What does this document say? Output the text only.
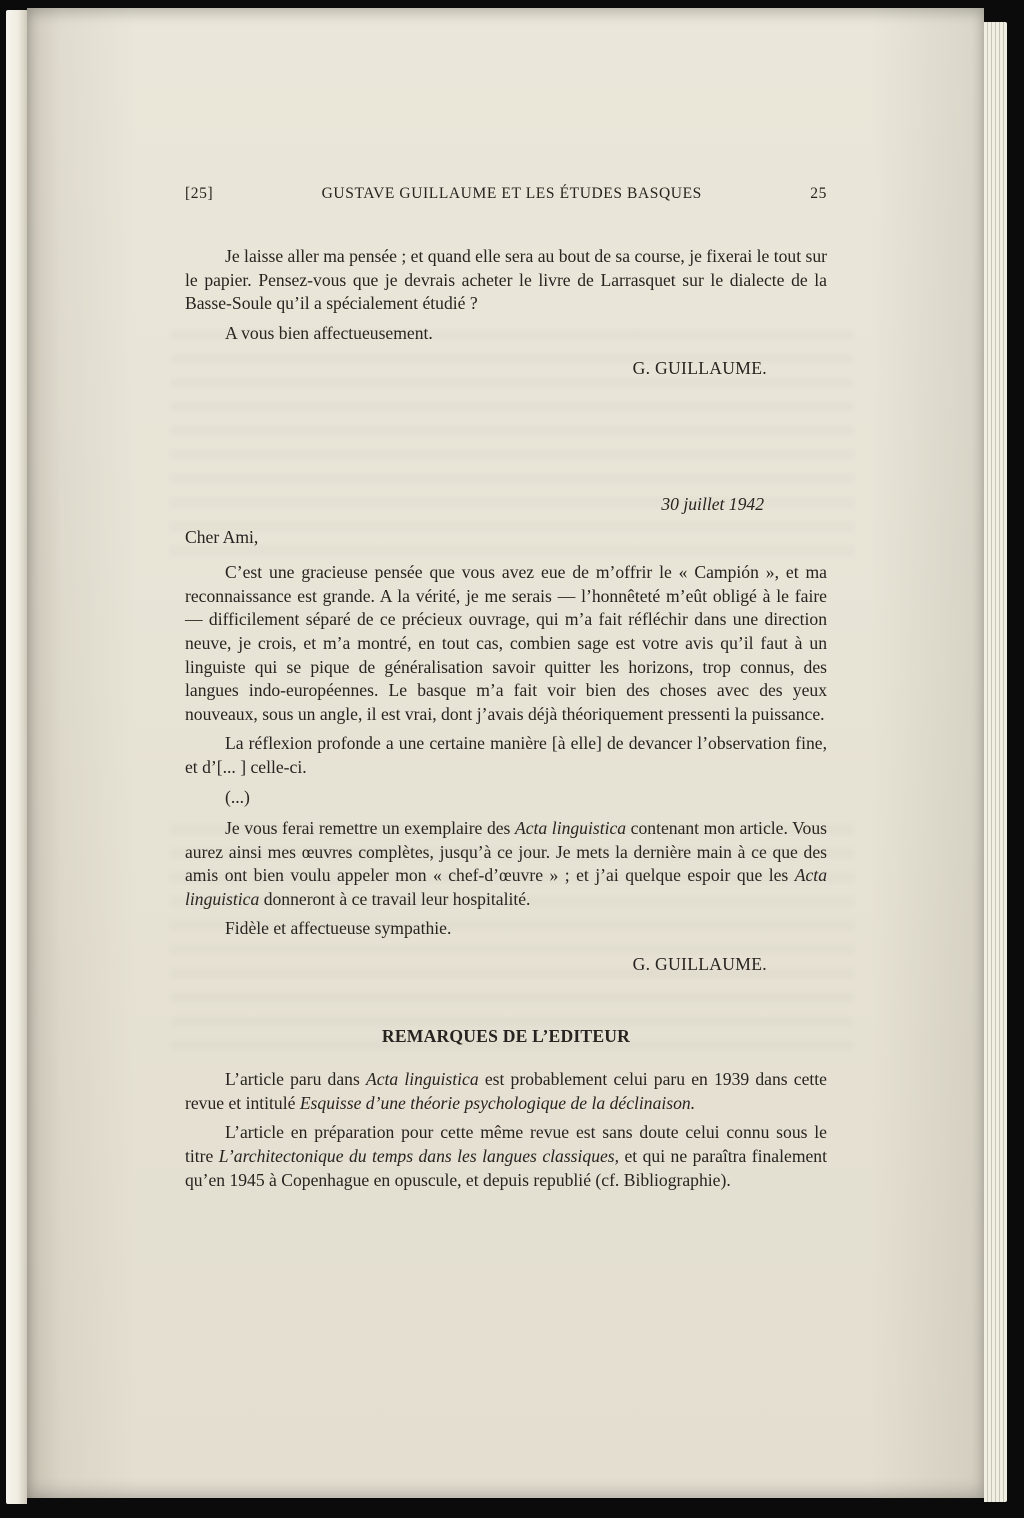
[25]	GUSTAVE GUILLAUME ET LES ÉTUDES BASQUES	25

Je laisse aller ma pensée ; et quand elle sera au bout de sa course, je fixerai le tout sur le papier. Pensez-vous que je devrais acheter le livre de Larrasquet sur le dialecte de la Basse-Soule qu’il a spécialement étudié ?

A vous bien affectueusement.

G. GUILLAUME.

30 juillet 1942

Cher Ami,

C’est une gracieuse pensée que vous avez eue de m’offrir le « Campión », et ma reconnaissance est grande. A la vérité, je me serais — l’honnêteté m’eût obligé à le faire — difficilement séparé de ce précieux ouvrage, qui m’a fait réfléchir dans une direction neuve, je crois, et m’a montré, en tout cas, combien sage est votre avis qu’il faut à un linguiste qui se pique de généralisation savoir quitter les horizons, trop connus, des langues indo-européennes. Le basque m’a fait voir bien des choses avec des yeux nouveaux, sous un angle, il est vrai, dont j’avais déjà théoriquement pressenti la puissance.

La réflexion profonde a une certaine manière [à elle] de devancer l’observation fine, et d’[... ] celle-ci.

(...)

Je vous ferai remettre un exemplaire des Acta linguistica contenant mon article. Vous aurez ainsi mes œuvres complètes, jusqu’à ce jour. Je mets la dernière main à ce que des amis ont bien voulu appeler mon « chef-d’œuvre » ; et j’ai quelque espoir que les Acta linguistica donneront à ce travail leur hospitalité.

Fidèle et affectueuse sympathie.

G. GUILLAUME.

REMARQUES DE L’EDITEUR

L’article paru dans Acta linguistica est probablement celui paru en 1939 dans cette revue et intitulé Esquisse d’une théorie psychologique de la déclinaison.

L’article en préparation pour cette même revue est sans doute celui connu sous le titre L’architectonique du temps dans les langues classiques, et qui ne paraîtra finalement qu’en 1945 à Copenhague en opuscule, et depuis republié (cf. Bibliographie).
